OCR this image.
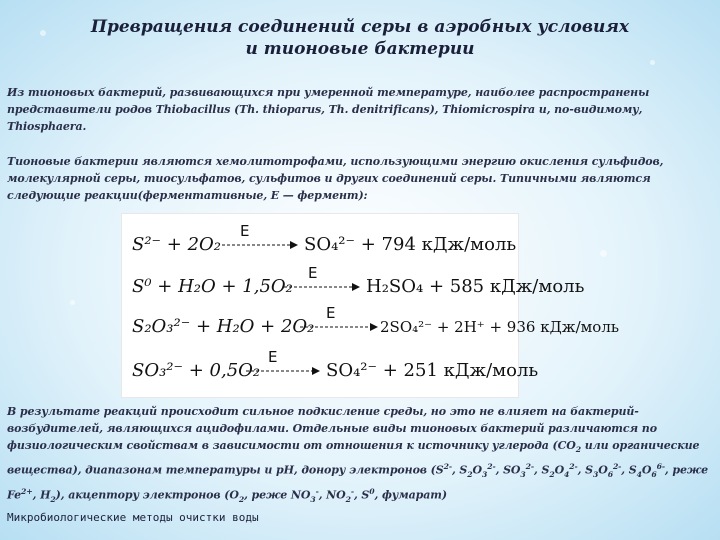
Превращения соединений серы в аэробных условиях
и тионовые бактерии
Из тионовых бактерий, развивающихся при умеренной температуре, наиболее распространены представители родов Thiobacillus (Th. thioparus, Th. denitrificans), Thiomicrospira и, по-видимому, Thiosphaera.
Тионовые бактерии являются хемолитотрофами, использующими энергию окисления сульфидов, молекулярной серы, тиосульфатов, сульфитов и других соединений серы. Типичными являются следующие реакции(ферментативные, Е — фермент):
S²⁻ + 2O₂
E
SO₄²⁻ + 794 кДж/моль
S⁰ + H₂O + 1,5O₂
E
H₂SO₄ + 585 кДж/моль
S₂O₃²⁻ + H₂O + 2O₂
E
2SO₄²⁻ + 2H⁺ + 936 кДж/моль
SO₃²⁻ + 0,5O₂
E
SO₄²⁻ + 251 кДж/моль
В результате реакций происходит сильное подкисление среды, но это не влияет на бактерий-возбудителей, являющихся ацидофилами. Отдельные виды тионовых бактерий различаются по физиологическим свойствам в зависимости от отношения к источнику углерода ($CO_2$ или органические вещества), диапазонам температуры и pH, донору электронов ($S^{2-}$, $S_2O_3^{2-}$, $SO_3^{2-}$, $S_2O_4^{2-}$, $S_3O_6^{2-}$, $S_4O_6^{6-}$, реже $Fe^{2+}$, $H_2$), акцептору электронов ($O_2$, реже $NO_3^-$, $NO_2^-$, $S^0$, фумарат)
Микробиологические методы очистки воды
